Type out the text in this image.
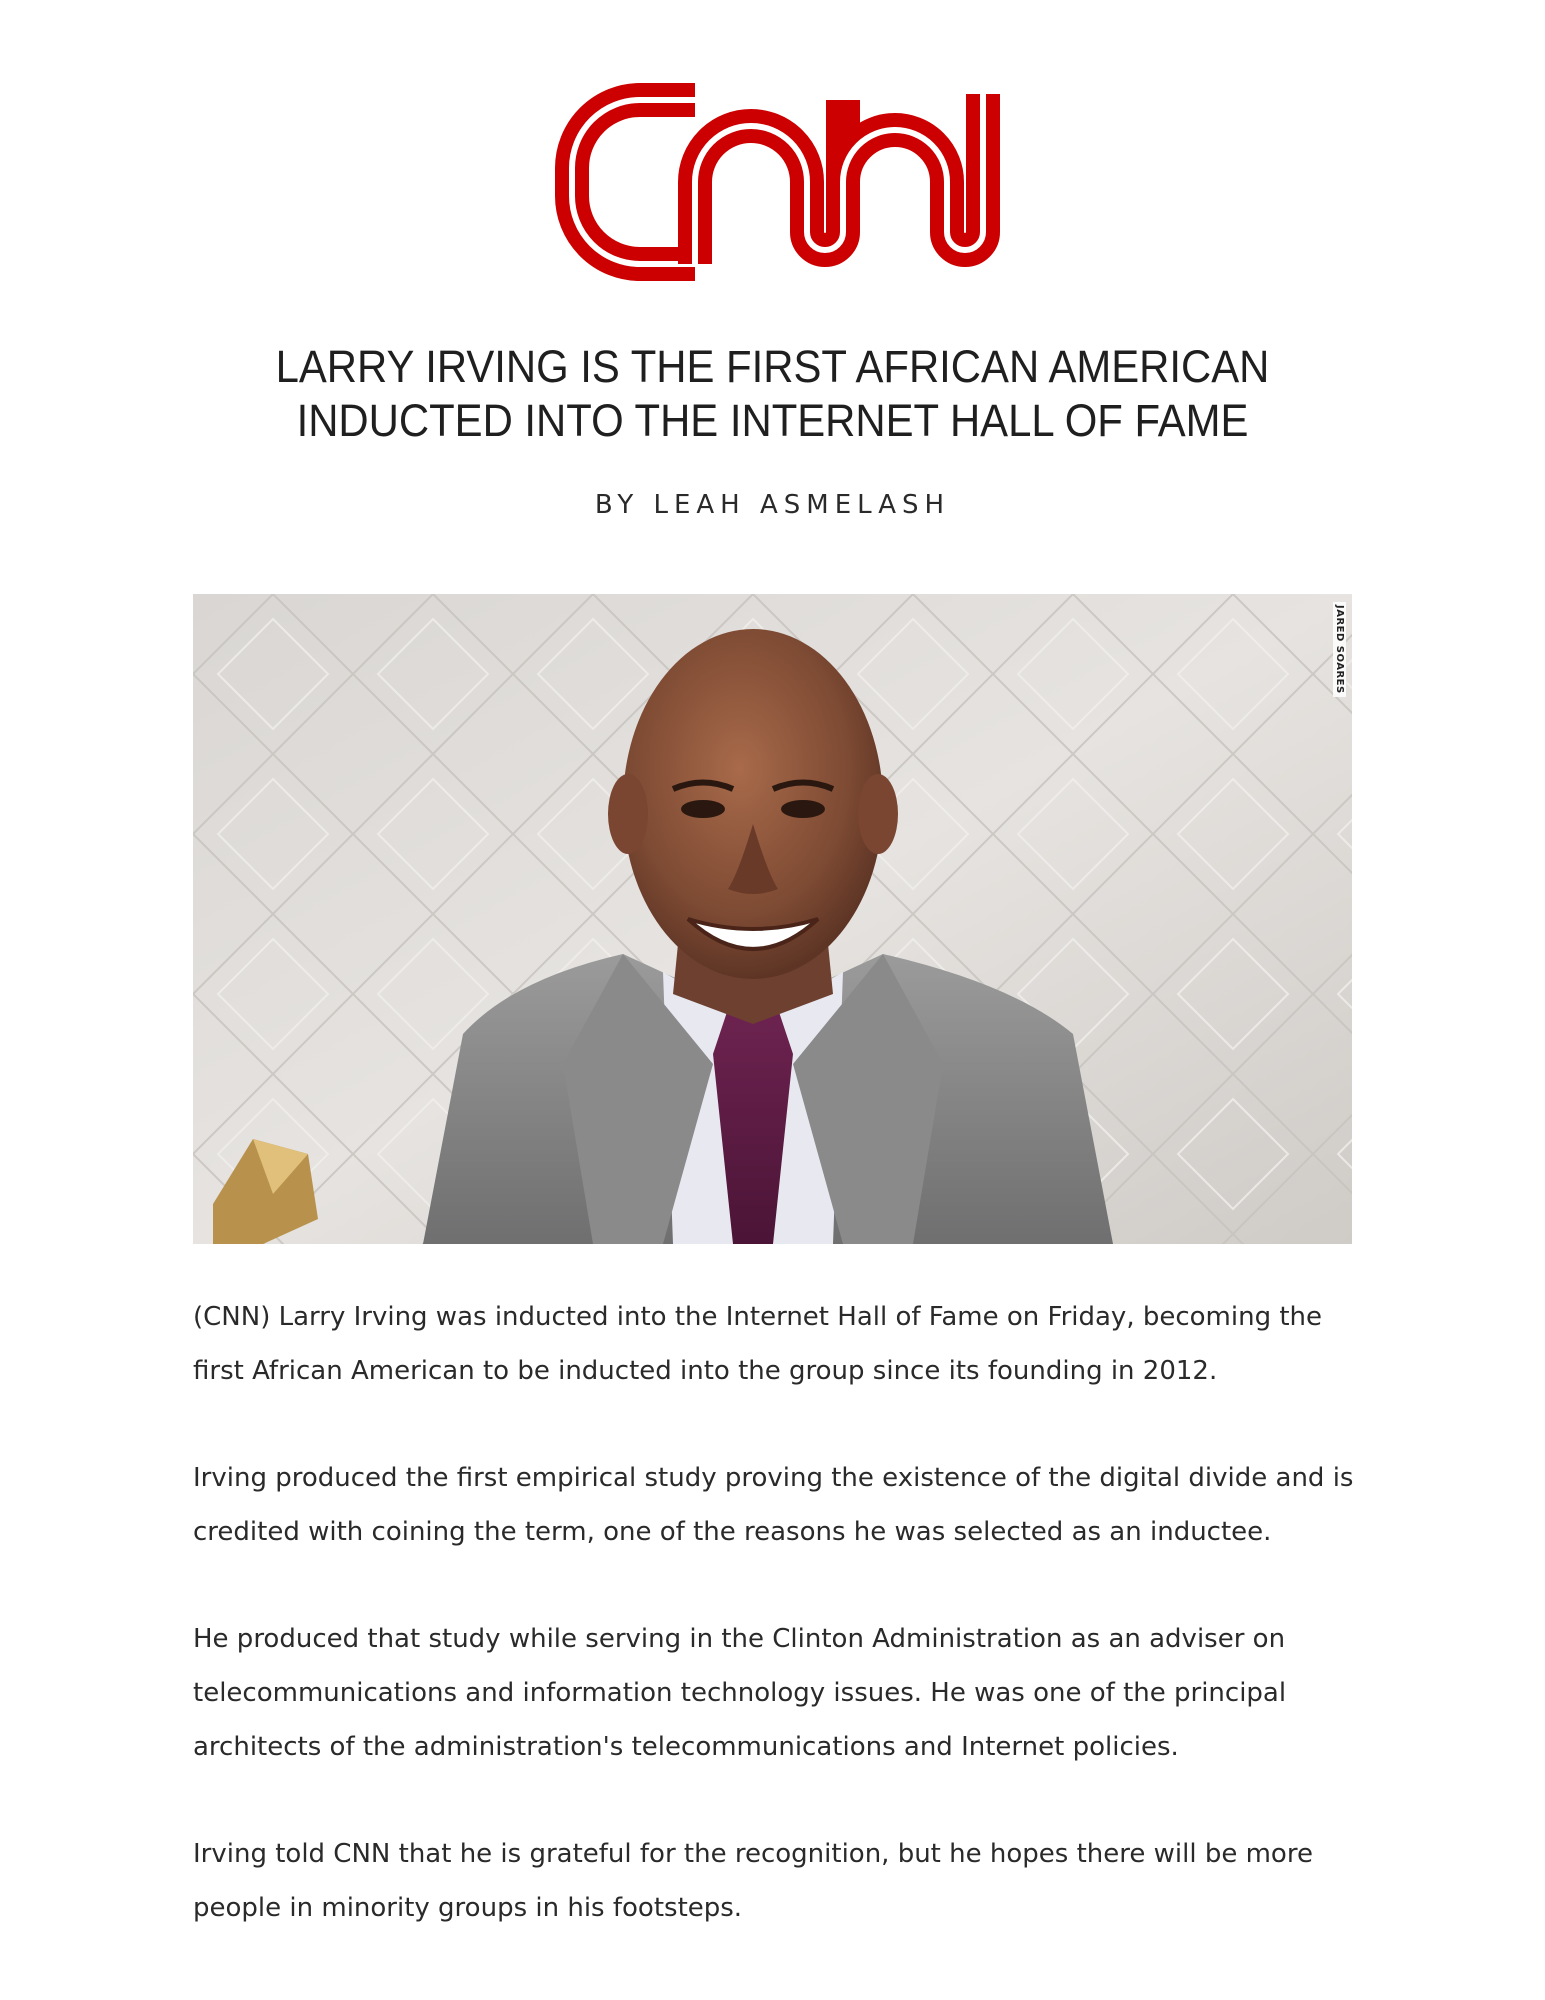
LARRY IRVING IS THE FIRST AFRICAN AMERICAN
INDUCTED INTO THE INTERNET HALL OF FAME
BY LEAH ASMELASH
JARED SOARES

(CNN) Larry Irving was inducted into the Internet Hall of Fame on Friday, becoming the first African American to be inducted into the group since its founding in 2012.

Irving produced the first empirical study proving the existence of the digital divide and is credited with coining the term, one of the reasons he was selected as an inductee.

He produced that study while serving in the Clinton Administration as an adviser on telecommunications and information technology issues. He was one of the principal architects of the administration's telecommunications and Internet policies.

Irving told CNN that he is grateful for the recognition, but he hopes there will be more people in minority groups in his footsteps.
